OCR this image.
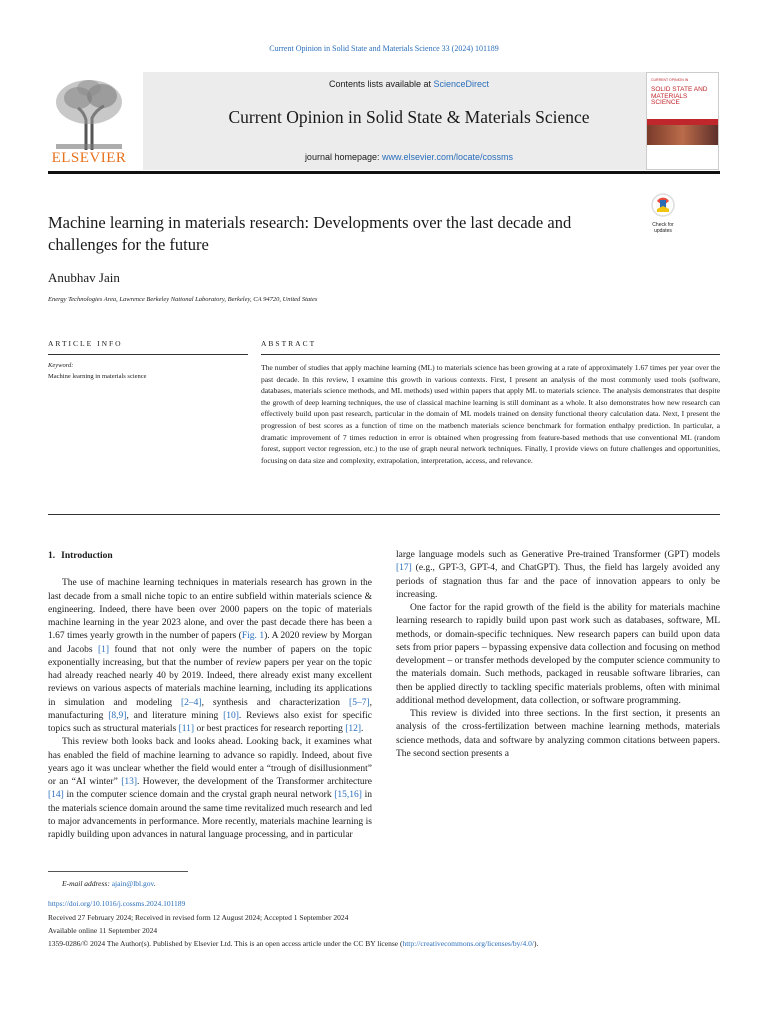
Current Opinion in Solid State and Materials Science 33 (2024) 101189
ELSEVIER
Contents lists available at ScienceDirect
Current Opinion in Solid State & Materials Science
journal homepage: www.elsevier.com/locate/cossms
CURRENT OPINION IN
SOLID STATE AND MATERIALS SCIENCE
Machine learning in materials research: Developments over the last decade and challenges for the future
Check for updates
Anubhav Jain
Energy Technologies Area, Lawrence Berkeley National Laboratory, Berkeley, CA 94720, United States
ARTICLE INFO	ABSTRACT
Keyword:
Machine learning in materials science
The number of studies that apply machine learning (ML) to materials science has been growing at a rate of approximately 1.67 times per year over the past decade. In this review, I examine this growth in various contexts. First, I present an analysis of the most commonly used tools (software, databases, materials science methods, and ML methods) used within papers that apply ML to materials science. The analysis demonstrates that despite the growth of deep learning techniques, the use of classical machine learning is still dominant as a whole. It also demonstrates how new research can effectively build upon past research, particular in the domain of ML models trained on density functional theory calculation data. Next, I present the progression of best scores as a function of time on the matbench materials science benchmark for formation enthalpy prediction. In particular, a dramatic improvement of 7 times reduction in error is obtained when progressing from feature-based methods that use conventional ML (random forest, support vector regression, etc.) to the use of graph neural network techniques. Finally, I provide views on future challenges and opportunities, focusing on data size and complexity, extrapolation, interpretation, access, and relevance.
1. Introduction

The use of machine learning techniques in materials research has grown in the last decade from a small niche topic to an entire subfield within materials science & engineering. Indeed, there have been over 2000 papers on the topic of materials machine learning in the year 2023 alone, and over the past decade there has been a 1.67 times yearly growth in the number of papers (Fig. 1). A 2020 review by Morgan and Jacobs [1] found that not only were the number of papers on the topic exponentially increasing, but that the number of review papers per year on the topic had already reached nearly 40 by 2019. Indeed, there already exist many excellent reviews on various aspects of materials machine learning, including its applications in simulation and modeling [2–4], synthesis and characterization [5–7], manufacturing [8,9], and literature mining [10]. Reviews also exist for specific topics such as structural materials [11] or best practices for research reporting [12].

This review both looks back and looks ahead. Looking back, it examines what has enabled the field of machine learning to advance so rapidly. Indeed, about five years ago it was unclear whether the field would enter a “trough of disillusionment” or an “AI winter” [13]. However, the development of the Transformer architecture [14] in the computer science domain and the crystal graph neural network [15,16] in the materials science domain around the same time revitalized much research and led to major advancements in performance. More recently, materials machine learning is rapidly building upon advances in natural language processing, and in particular

large language models such as Generative Pre-trained Transformer (GPT) models [17] (e.g., GPT-3, GPT-4, and ChatGPT). Thus, the field has largely avoided any periods of stagnation thus far and the pace of innovation appears to only be increasing.

One factor for the rapid growth of the field is the ability for materials machine learning research to rapidly build upon past work such as databases, software, ML methods, or domain-specific techniques. New research papers can build upon data sets from prior papers – bypassing expensive data collection and focusing on method development – or transfer methods developed by the computer science community to the materials domain. Such methods, packaged in reusable software libraries, can then be applied directly to tackling specific materials problems, often with minimal additional method development, data collection, or software programming.

This review is divided into three sections. In the first section, it presents an analysis of the cross-fertilization between machine learning methods, materials science methods, data and software by analyzing common citations between papers. The second section presents a

E-mail address: ajain@lbl.gov.
https://doi.org/10.1016/j.cossms.2024.101189
Received 27 February 2024; Received in revised form 12 August 2024; Accepted 1 September 2024
Available online 11 September 2024
1359-0286/© 2024 The Author(s). Published by Elsevier Ltd. This is an open access article under the CC BY license (http://creativecommons.org/licenses/by/4.0/).
